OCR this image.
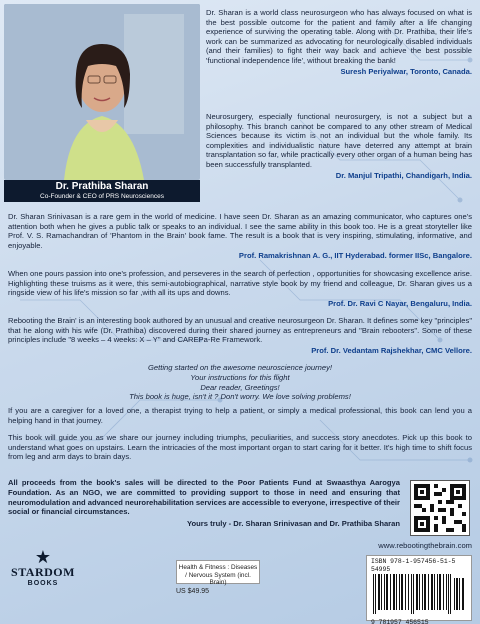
Dr. Prathiba Sharan
Co-Founder & CEO of PRS Neurosciences
Dr. Sharan is a world class neurosurgeon who has always focused on what is the best possible outcome for the patient and family after a life changing experience of surviving the operating table. Along with Dr. Prathiba, their life's work can be summarized as advocating for neurologically disabled individuals (and their families) to fight their way back and achieve the best possible 'functional independence life', without breaking the bank!
Suresh Periyalwar, Toronto, Canada.
Neurosurgery, especially functional neurosurgery, is not a subject but a philosophy. This branch cannot be compared to any other stream of Medical Sciences because its victim is not an individual but the whole family. Its complexities and individualistic nature have deterred any attempt at brain transplantation so far, while practically every other organ of a human being has been successfully transplanted.
Dr. Manjul Tripathi, Chandigarh, India.
Dr. Sharan Srinivasan is a rare gem in the world of medicine. I have seen Dr. Sharan as an amazing communicator, who captures one's attention both when he gives a public talk or speaks to an individual. I see the same ability in this book too. He is a great storyteller like Prof. V. S. Ramachandran of 'Phantom in the Brain' book fame. The result is a book that is very inspiring, stimulating, informative, and enjoyable.
Prof. Ramakrishnan A. G., IIT Hyderabad. former IISc, Bangalore.
When one pours passion into one's profession, and perseveres in the search of perfection , opportunities for showcasing excellence arise. Highlighting these truisms as it were, this semi-autobiographical, narrative style book by my friend and colleague, Dr. Sharan gives us a ringside view of his life's mission so far ,with all its ups and downs.
Prof. Dr. Ravi C Nayar, Bengaluru, India.
Rebooting the Brain' is an interesting book authored by an unusual and creative neurosurgeon Dr. Sharan. It defines some key "principles" that he along with his wife (Dr. Prathiba) discovered during their shared journey as entrepreneurs and "Brain rebooters". Some of these principles include "8 weeks – 4 weeks: X – Y" and CAREPa-Re Framework.
Prof. Dr. Vedantam Rajshekhar, CMC Vellore.
Getting started on the awesome neuroscience journey!
Your instructions for this flight
Dear reader, Greetings!
This book is huge, isn't it ? Don't worry. We love solving problems!
If you are a caregiver for a loved one, a therapist trying to help a patient, or simply a medical professional, this book can lend you a helping hand in that journey.
This book will guide you as we share our journey including triumphs, peculiarities, and success story anecdotes. Pick up this book to understand what goes on upstairs. Learn the intricacies of the most important organ to start caring for it better. It's high time to shift focus from leg and arm days to brain days.
All proceeds from the book's sales will be directed to the Poor Patients Fund at Swaasthya Aarogya Foundation. As an NGO, we are committed to providing support to those in need and ensuring that neuromodulation and advanced neurorehabilitation services are accessible to everyone, irrespective of their social or financial circumstances.
Yours truly - Dr. Sharan Srinivasan and Dr. Prathiba Sharan
www.rebootingthebrain.com
★
STARDOM
BOOKS
Health & Fitness : Diseases / Nervous System (incl. Brain)
US $49.95
ISBN 978-1-957456-51-5 54995
9 781957 456515
